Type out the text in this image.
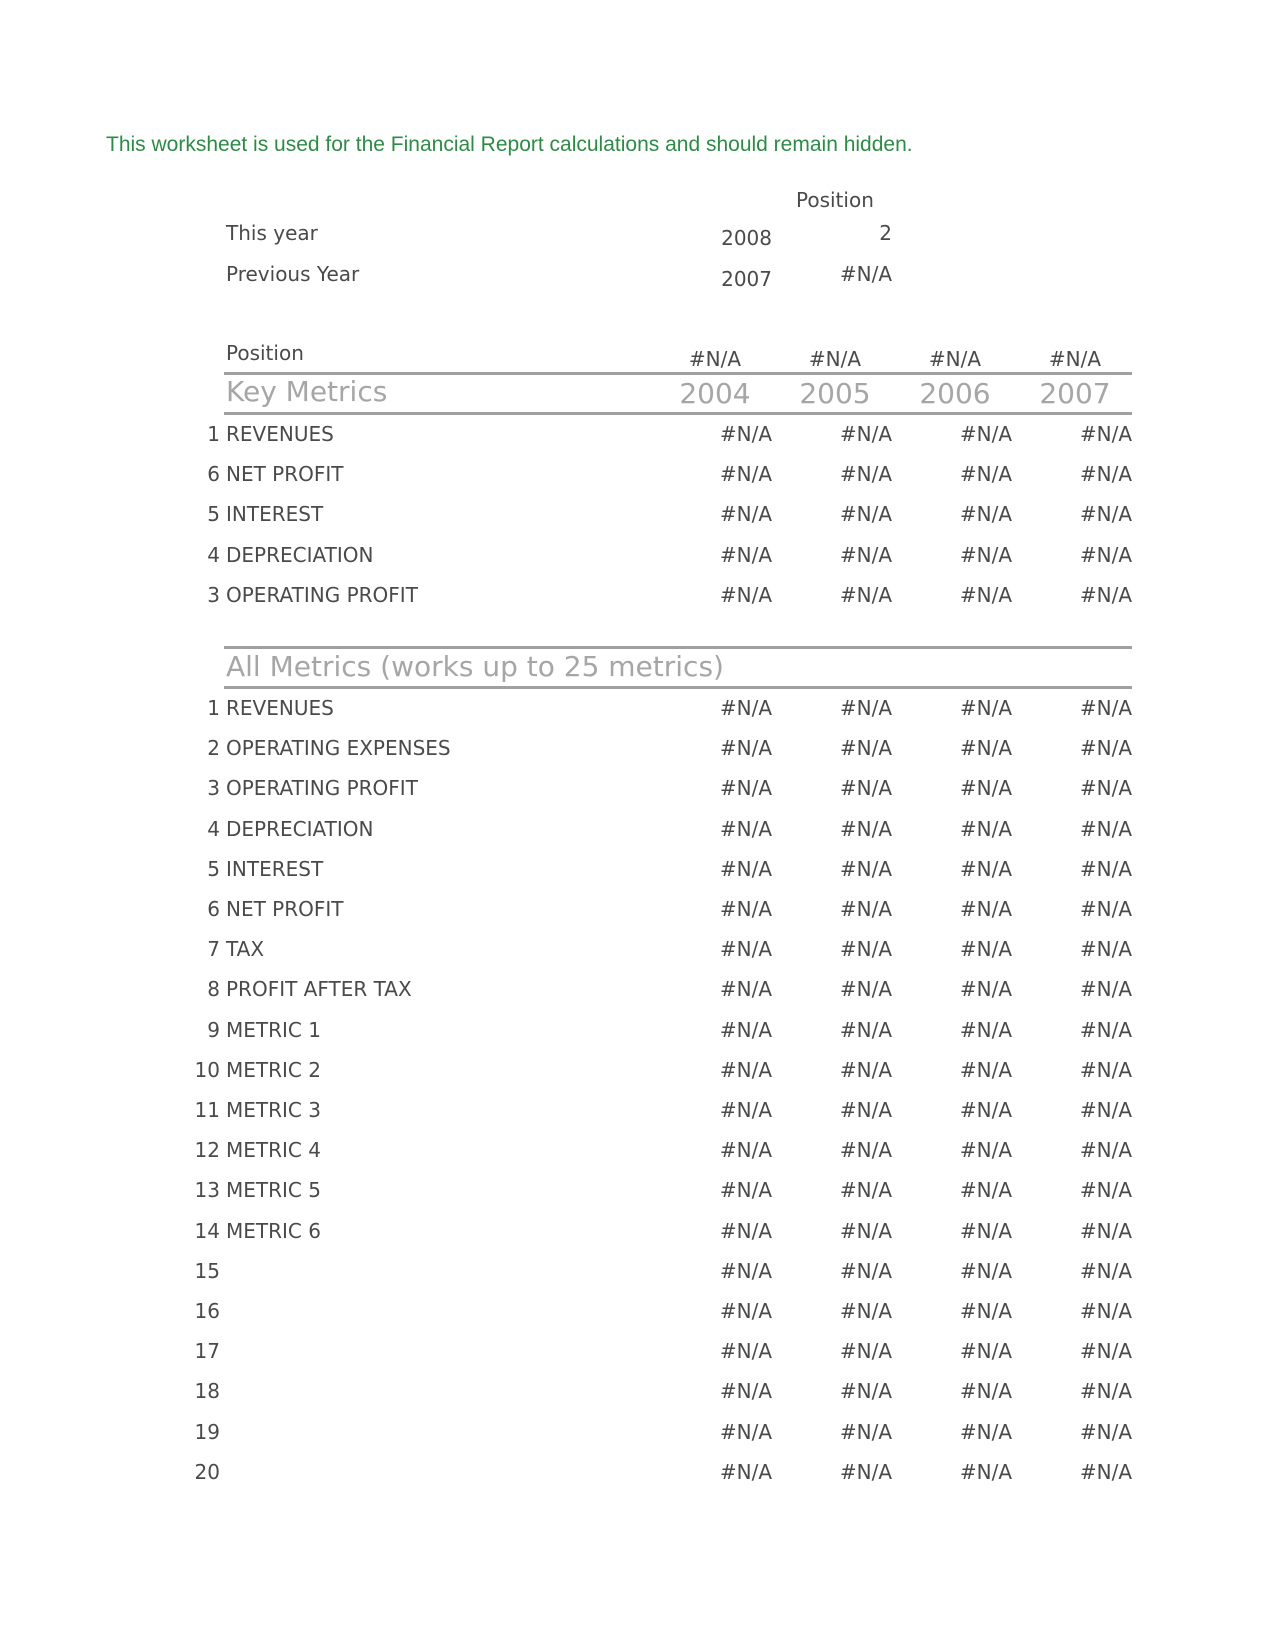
This worksheet is used for the Financial Report calculations and should remain hidden.
Position
This year	2008	2
Previous Year	2007	#N/A
Position	#N/A	#N/A	#N/A	#N/A
Key Metrics	2004	2005	2006	2007
1 REVENUES	#N/A	#N/A	#N/A	#N/A
6 NET PROFIT	#N/A	#N/A	#N/A	#N/A
5 INTEREST	#N/A	#N/A	#N/A	#N/A
4 DEPRECIATION	#N/A	#N/A	#N/A	#N/A
3 OPERATING PROFIT	#N/A	#N/A	#N/A	#N/A
All Metrics (works up to 25 metrics)
1 REVENUES	#N/A	#N/A	#N/A	#N/A
2 OPERATING EXPENSES	#N/A	#N/A	#N/A	#N/A
3 OPERATING PROFIT	#N/A	#N/A	#N/A	#N/A
4 DEPRECIATION	#N/A	#N/A	#N/A	#N/A
5 INTEREST	#N/A	#N/A	#N/A	#N/A
6 NET PROFIT	#N/A	#N/A	#N/A	#N/A
7 TAX	#N/A	#N/A	#N/A	#N/A
8 PROFIT AFTER TAX	#N/A	#N/A	#N/A	#N/A
9 METRIC 1	#N/A	#N/A	#N/A	#N/A
10 METRIC 2	#N/A	#N/A	#N/A	#N/A
11 METRIC 3	#N/A	#N/A	#N/A	#N/A
12 METRIC 4	#N/A	#N/A	#N/A	#N/A
13 METRIC 5	#N/A	#N/A	#N/A	#N/A
14 METRIC 6	#N/A	#N/A	#N/A	#N/A
15	#N/A	#N/A	#N/A	#N/A
16	#N/A	#N/A	#N/A	#N/A
17	#N/A	#N/A	#N/A	#N/A
18	#N/A	#N/A	#N/A	#N/A
19	#N/A	#N/A	#N/A	#N/A
20	#N/A	#N/A	#N/A	#N/A
